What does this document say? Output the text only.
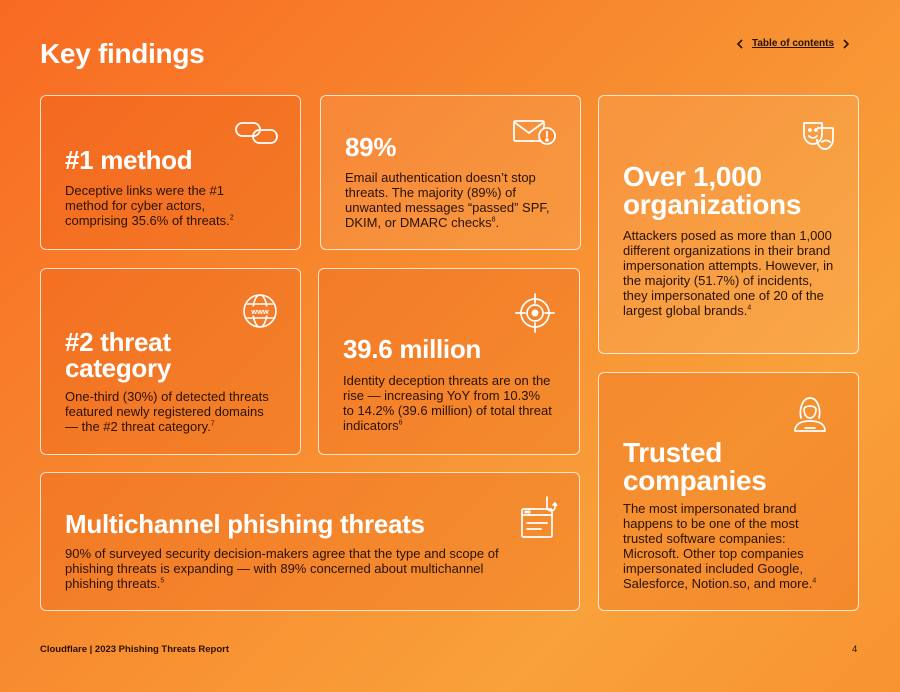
Key findings	Table of contents
#1 method

Deceptive links were the #1 method for cyber actors, comprising 35.6% of threats.$^2$

89%

Email authentication doesn’t stop threats. The majority (89%) of unwanted messages “passed” SPF, DKIM, or DMARC checks$^8$.

Over 1,000
organizations

Attackers posed as more than 1,000 different organizations in their brand impersonation attempts. However, in the majority (51.7%) of incidents, they impersonated one of 20 of the largest global brands.$^4$

www
#2 threat
category

One-third (30%) of detected threats featured newly registered domains — the #2 threat category.$^7$

39.6 million

Identity deception threats are on the rise — increasing YoY from 10.3% to 14.2% (39.6 million) of total threat indicators$^6$

Multichannel phishing threats

90% of surveyed security decision-makers agree that the type and scope of phishing threats is expanding — with 89% concerned about multichannel phishing threats.$^5$

Trusted
companies

The most impersonated brand happens to be one of the most trusted software companies: Microsoft. Other top companies impersonated included Google, Salesforce, Notion.so, and more.$^4$

Cloudflare | 2023 Phishing Threats Report	4
